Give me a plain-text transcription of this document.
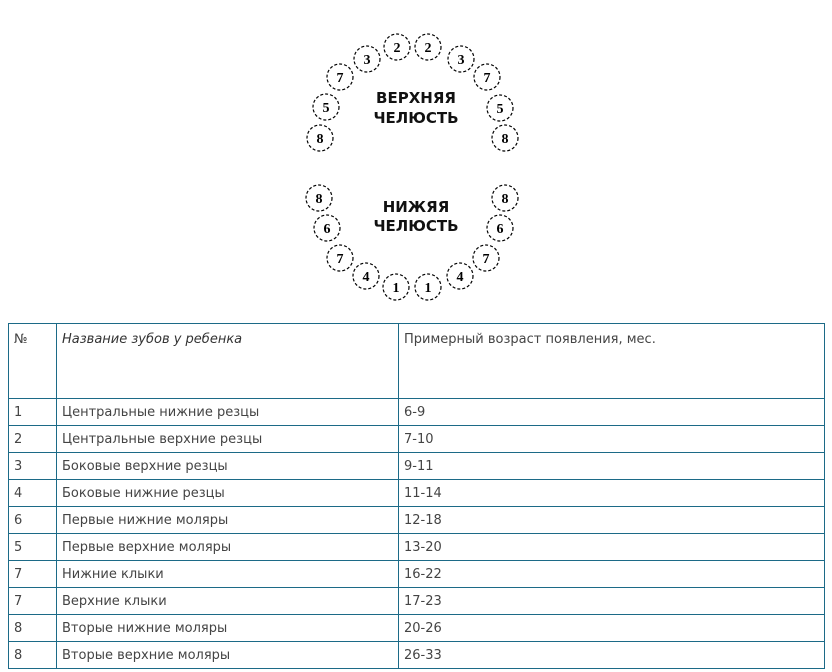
8
5
7
3
2 2
3
7
5
8
ВЕРХНЯЯ
ЧЕЛЮСТЬ
8
6
7
4
1 1
4
7
6
8
НИЖЯЯ
ЧЕЛЮСТЬ
№	Название зубов у ребенка	Примерный возраст появления, мес.
1	Центральные нижние резцы	6-9
2	Центральные верхние резцы	7-10
3	Боковые верхние резцы	9-11
4	Боковые нижние резцы	11-14
6	Первые нижние моляры	12-18
5	Первые верхние моляры	13-20
7	Нижние клыки	16-22
7	Верхние клыки	17-23
8	Вторые нижние моляры	20-26
8	Вторые верхние моляры	26-33
